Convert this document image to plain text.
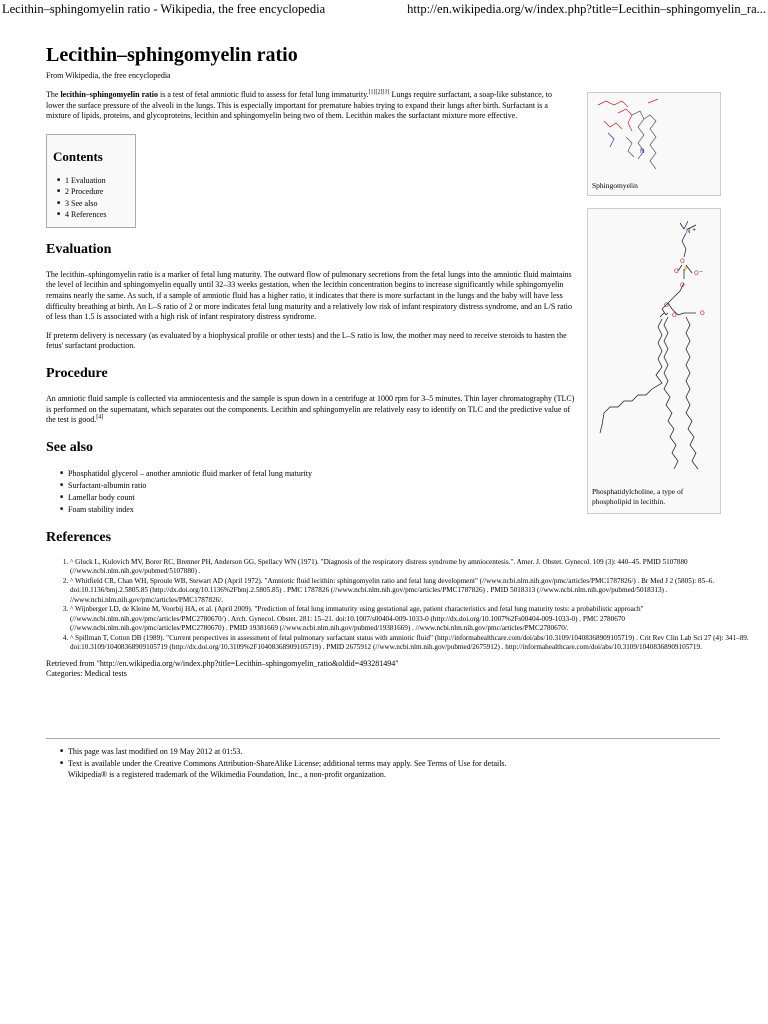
Lecithin–sphingomyelin ratio - Wikipedia, the free encyclopedia	http://en.wikipedia.org/w/index.php?title=Lecithin–sphingomyelin_ra...
Lecithin–sphingomyelin ratio
From Wikipedia, the free encyclopedia

The lecithin–sphingomyelin ratio is a test of fetal amniotic fluid to assess for fetal lung immaturity.[1][2][3] Lungs require surfactant, a soap-like substance, to lower the surface pressure of the alveoli in the lungs. This is especially important for premature babies trying to expand their lungs after birth. Surfactant is a mixture of lipids, proteins, and glycoproteins, lecithin and sphingomyelin being two of them. Lecithin makes the surfactant mixture more effective.

Contents
■ 1 Evaluation
■ 2 Procedure
■ 3 See also
■ 4 References
Evaluation

The lecithin–sphingomyelin ratio is a marker of fetal lung maturity. The outward flow of pulmonary secretions from the fetal lungs into the amniotic fluid maintains the level of lecithin and sphingomyelin equally until 32–33 weeks gestation, when the lecithin concentration begins to increase significantly while sphingomyelin remains nearly the same. As such, if a sample of amniotic fluid has a higher ratio, it indicates that there is more surfactant in the lungs and the baby will have less difficulty breathing at birth. An L–S ratio of 2 or more indicates fetal lung maturity and a relatively low risk of infant respiratory distress syndrome, and an L/S ratio of less than 1.5 is associated with a high risk of infant respiratory distress syndrome.

If preterm delivery is necessary (as evaluated by a biophysical profile or other tests) and the L–S ratio is low, the mother may need to receive steroids to hasten the fetus' surfactant production.

Procedure

An amniotic fluid sample is collected via amniocentesis and the sample is spun down in a centrifuge at 1000 rpm for 3–5 minutes. Thin layer chromatography (TLC) is performed on the supernatant, which separates out the components. Lecithin and sphingomyelin are relatively easy to identify on TLC and the predictive value of the test is good.[4]

See also
■ Phosphatidol glycerol – another amniotic fluid marker of fetal lung maturity
■ Surfactant-albumin ratio
■ Lamellar body count
■ Foam stability index
References
1. ^ Gluck L, Kulovich MV, Borer RC, Brenner PH, Anderson GG, Spellacy WN (1971). "Diagnosis of the respiratory distress syndrome by amniocentesis.". Amer. J. Obstet. Gynecol. 109 (3): 440–45. PMID 5107880 (//www.ncbi.nlm.nih.gov/pubmed/5107880) .
2. ^ Whitfield CR, Chan WH, Sproule WB, Stewart AD (April 1972). "Amniotic fluid lecithin: sphingomyelin ratio and fetal lung development" (//www.ncbi.nlm.nih.gov/pmc/articles/PMC1787826/) . Br Med J 2 (5805): 85–6. doi:10.1136/bmj.2.5805.85 (http://dx.doi.org/10.1136%2Fbmj.2.5805.85) . PMC 1787826 (//www.ncbi.nlm.nih.gov/pmc/articles/PMC1787826) . PMID 5018313 (//www.ncbi.nlm.nih.gov/pubmed/5018313) . //www.ncbi.nlm.nih.gov/pmc/articles/PMC1787826/.
3. ^ Wijnberger LD, de Kleine M, Voorbij HA, et al. (April 2009). "Prediction of fetal lung immaturity using gestational age, patient characteristics and fetal lung maturity tests: a probabilistic approach" (//www.ncbi.nlm.nih.gov/pmc/articles/PMC2780670/) . Arch. Gynecol. Obstet. 281: 15–21. doi:10.1007/s00404-009-1033-0 (http://dx.doi.org/10.1007%2Fs00404-009-1033-0) . PMC 2780670 (//www.ncbi.nlm.nih.gov/pmc/articles/PMC2780670) . PMID 19381669 (//www.ncbi.nlm.nih.gov/pubmed/19381669) . //www.ncbi.nlm.nih.gov/pmc/articles/PMC2780670/.
4. ^ Spillman T, Cotton DB (1989). "Current perspectives in assessment of fetal pulmonary surfactant status with amniotic fluid" (http://informahealthcare.com/doi/abs/10.3109/10408368909105719) . Crit Rev Clin Lab Sci 27 (4): 341–89. doi:10.3109/10408368909105719 (http://dx.doi.org/10.3109%2F10408368909105719) . PMID 2675912 (//www.ncbi.nlm.nih.gov/pubmed/2675912) . http://informahealthcare.com/doi/abs/10.3109/10408368909105719.
Retrieved from "http://en.wikipedia.org/w/index.php?title=Lecithin–sphingomyelin_ratio&oldid=493281494"
Categories: Medical tests
N
Sphingomyelin
N +
O
P
O	O −
O
O
O	O
Phosphatidylcholine, a type of phospholipid in lecithin.
■ This page was last modified on 19 May 2012 at 01:53.
■ Text is available under the Creative Commons Attribution-ShareAlike License; additional terms may apply. See Terms of Use for details.
Wikipedia® is a registered trademark of the Wikimedia Foundation, Inc., a non-profit organization.
